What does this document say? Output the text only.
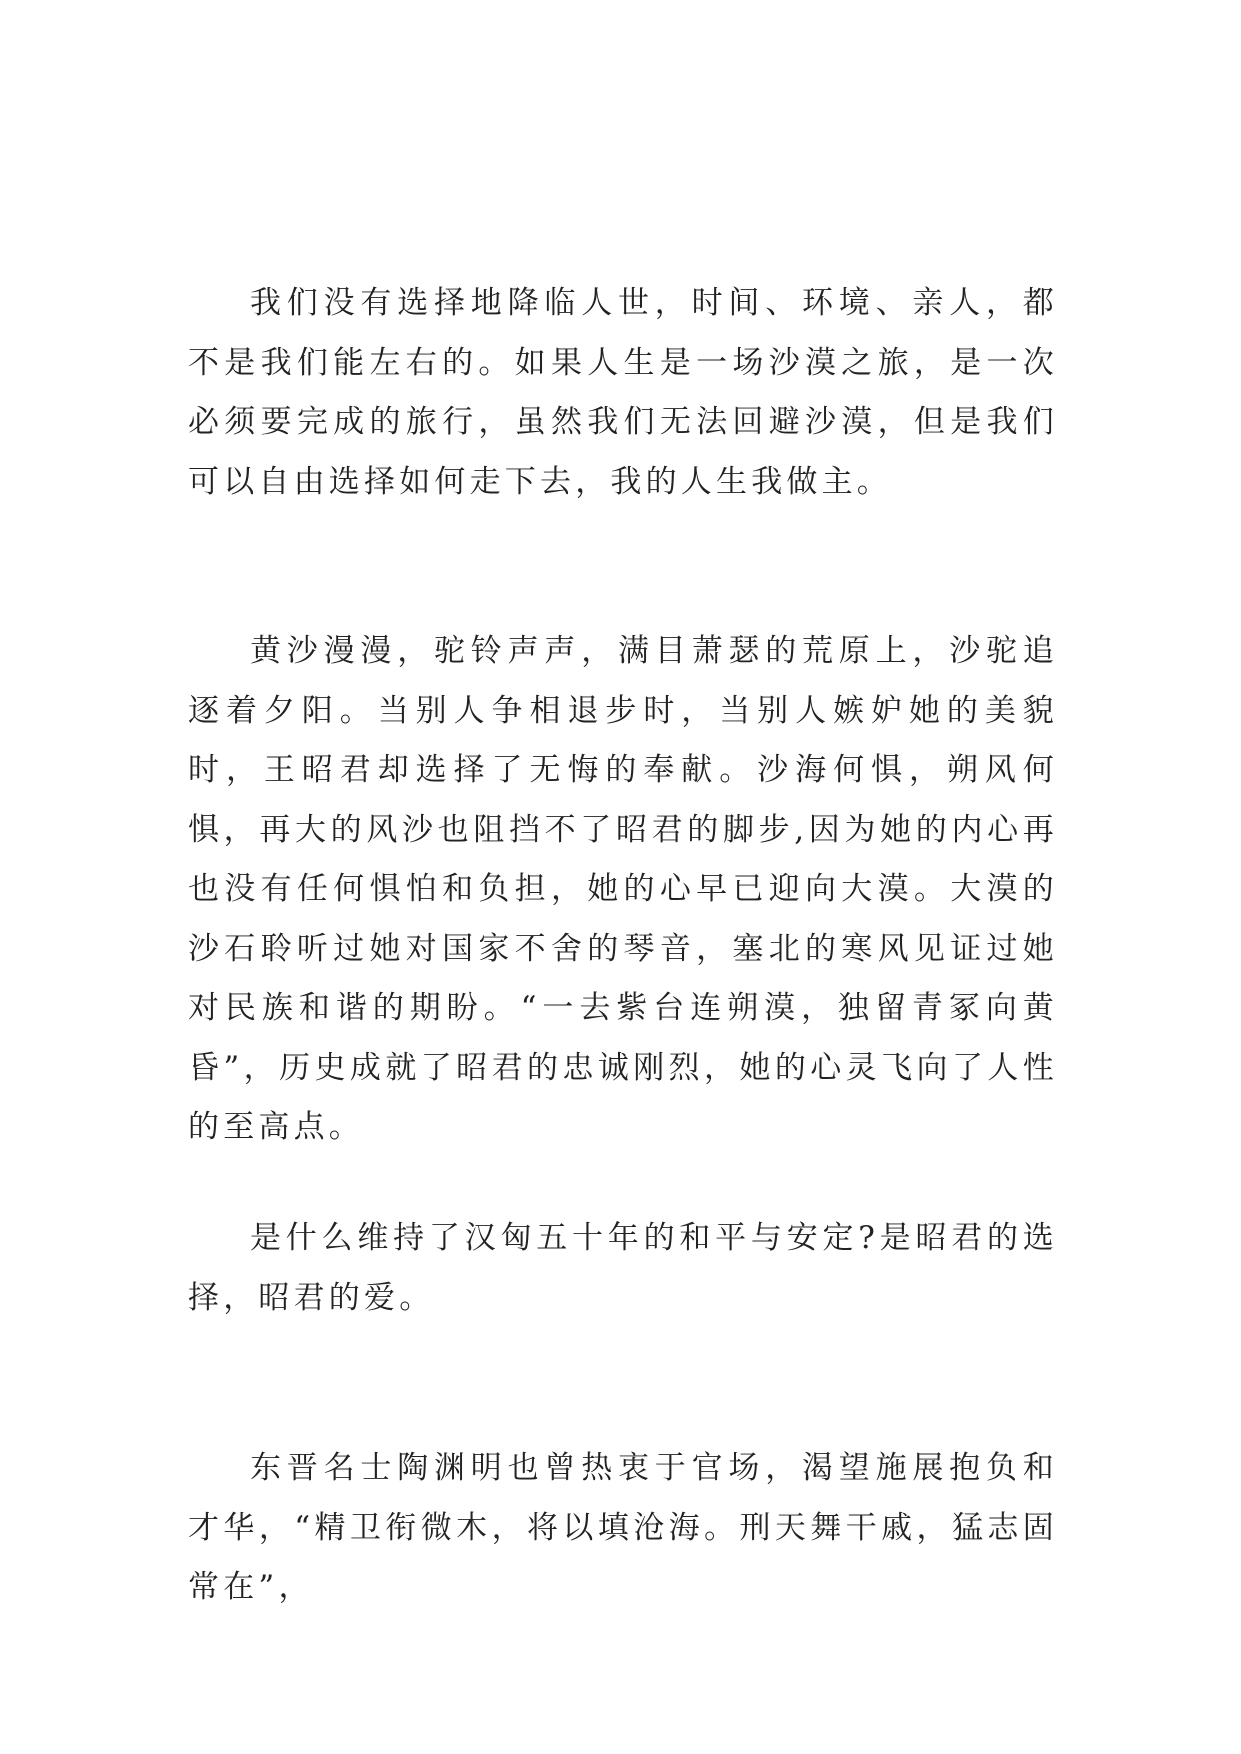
我们没有选择地降临人世，时间、环境、亲人，都不是我们能左右的。如果人生是一场沙漠之旅，是一次必须要完成的旅行，虽然我们无法回避沙漠，但是我们可以自由选择如何走下去，我的人生我做主。

黄沙漫漫，驼铃声声，满目萧瑟的荒原上，沙驼追逐着夕阳。当别人争相退步时，当别人嫉妒她的美貌时，王昭君却选择了无悔的奉献。沙海何惧，朔风何惧，再大的风沙也阻挡不了昭君的脚步,因为她的内心再也没有任何惧怕和负担，她的心早已迎向大漠。大漠的沙石聆听过她对国家不舍的琴音，塞北的寒风见证过她对民族和谐的期盼。“一去紫台连朔漠，独留青冢向黄昏”，历史成就了昭君的忠诚刚烈，她的心灵飞向了人性的至高点。

是什么维持了汉匈五十年的和平与安定?是昭君的选择，昭君的爱。

东晋名士陶渊明也曾热衷于官场，渴望施展抱负和才华，“精卫衔微木，将以填沧海。刑天舞干戚，猛志固常在”，
